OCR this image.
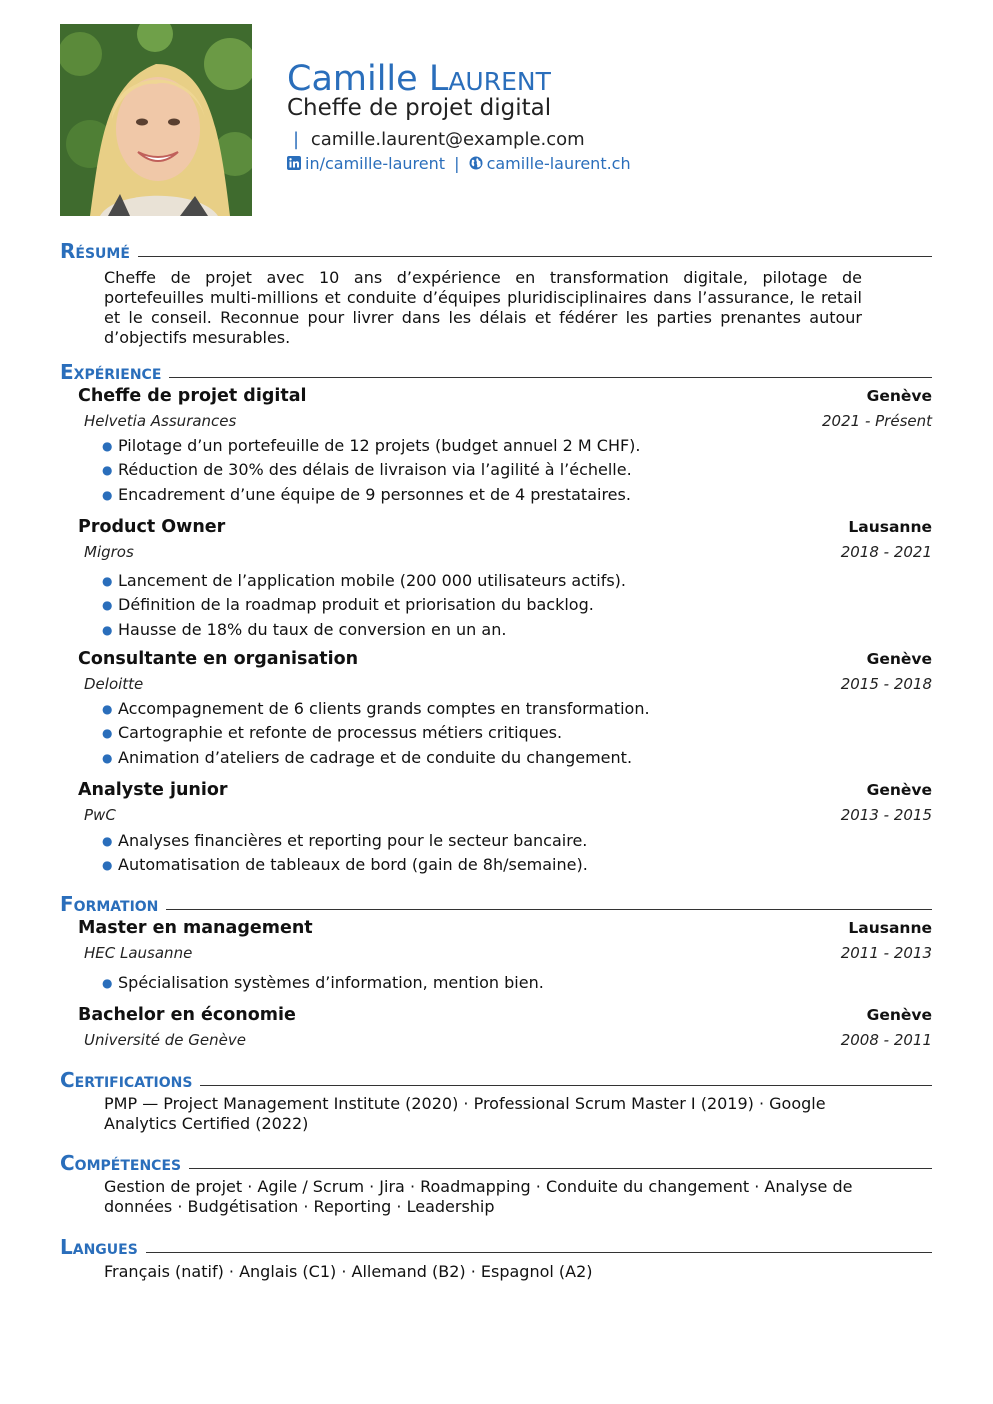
Camille Laurent
Cheffe de projet digital
| camille.laurent@example.com
in/camille-laurent | camille-laurent.ch
Résumé
Cheffe de projet avec 10 ans d’expérience en transformation digitale, pilotage de portefeuilles multi-millions et conduite d’équipes pluridisciplinaires dans l’assurance, le retail et le conseil. Reconnue pour livrer dans les délais et fédérer les parties prenantes autour d’objectifs mesurables.
Expérience
Cheffe de projet digital	Genève
Helvetia Assurances	2021 - Présent
● Pilotage d’un portefeuille de 12 projets (budget annuel 2 M CHF).
● Réduction de 30% des délais de livraison via l’agilité à l’échelle.
● Encadrement d’une équipe de 9 personnes et de 4 prestataires.
Product Owner	Lausanne
Migros	2018 - 2021
● Lancement de l’application mobile (200 000 utilisateurs actifs).
● Définition de la roadmap produit et priorisation du backlog.
● Hausse de 18% du taux de conversion en un an.
Consultante en organisation	Genève
Deloitte	2015 - 2018
● Accompagnement de 6 clients grands comptes en transformation.
● Cartographie et refonte de processus métiers critiques.
● Animation d’ateliers de cadrage et de conduite du changement.
Analyste junior	Genève
PwC	2013 - 2015
● Analyses financières et reporting pour le secteur bancaire.
● Automatisation de tableaux de bord (gain de 8h/semaine).
Formation
Master en management	Lausanne
HEC Lausanne	2011 - 2013
● Spécialisation systèmes d’information, mention bien.
Bachelor en économie	Genève
Université de Genève	2008 - 2011
Certifications
PMP — Project Management Institute (2020) · Professional Scrum Master I (2019) · Google Analytics Certified (2022)
Compétences
Gestion de projet · Agile / Scrum · Jira · Roadmapping · Conduite du changement · Analyse de données · Budgétisation · Reporting · Leadership
Langues
Français (natif) · Anglais (C1) · Allemand (B2) · Espagnol (A2)
